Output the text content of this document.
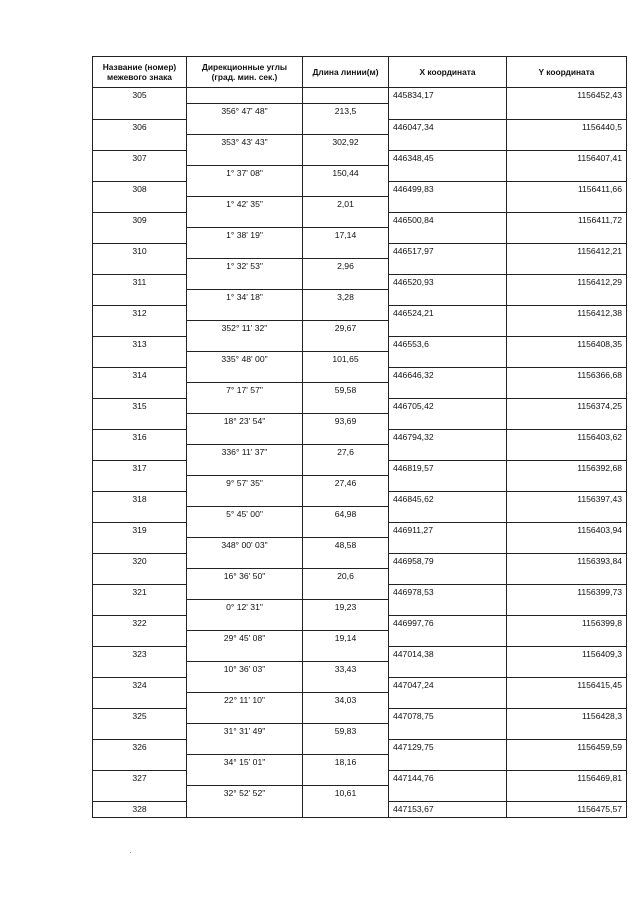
Название (номер) межевого знака	Дирекционные углы (град. мин. сек.)	Длина линии(м)	Х координата	Y координата
305			445834,17	1156452,43
	356° 47' 48"	213,5		
306			446047,34	1156440,5
	353° 43' 43"	302,92		
307			446348,45	1156407,41
	1° 37' 08"	150,44		
308			446499,83	1156411,66
	1° 42' 35"	2,01		
309			446500,84	1156411,72
	1° 38' 19"	17,14		
310			446517,97	1156412,21
	1° 32' 53"	2,96		
311			446520,93	1156412,29
	1° 34' 18"	3,28		
312			446524,21	1156412,38
	352° 11' 32"	29,67		
313			446553,6	1156408,35
	335° 48' 00"	101,65		
314			446646,32	1156366,68
	7° 17' 57"	59,58		
315			446705,42	1156374,25
	18° 23' 54"	93,69		
316			446794,32	1156403,62
	336° 11' 37"	27,6		
317			446819,57	1156392,68
	9° 57' 35"	27,46		
318			446845,62	1156397,43
	5° 45' 00"	64,98		
319			446911,27	1156403,94
	348° 00' 03"	48,58		
320			446958,79	1156393,84
	16° 36' 50"	20,6		
321			446978,53	1156399,73
	0° 12' 31"	19,23		
322			446997,76	1156399,8
	29° 45' 08"	19,14		
323			447014,38	1156409,3
	10° 36' 03"	33,43		
324			447047,24	1156415,45
	22° 11' 10"	34,03		
325			447078,75	1156428,3
	31° 31' 49"	59,83		
326			447129,75	1156459,59
	34° 15' 01"	18,16		
327			447144,76	1156469,81
	32° 52' 52"	10,61		
328			447153,67	1156475,57
